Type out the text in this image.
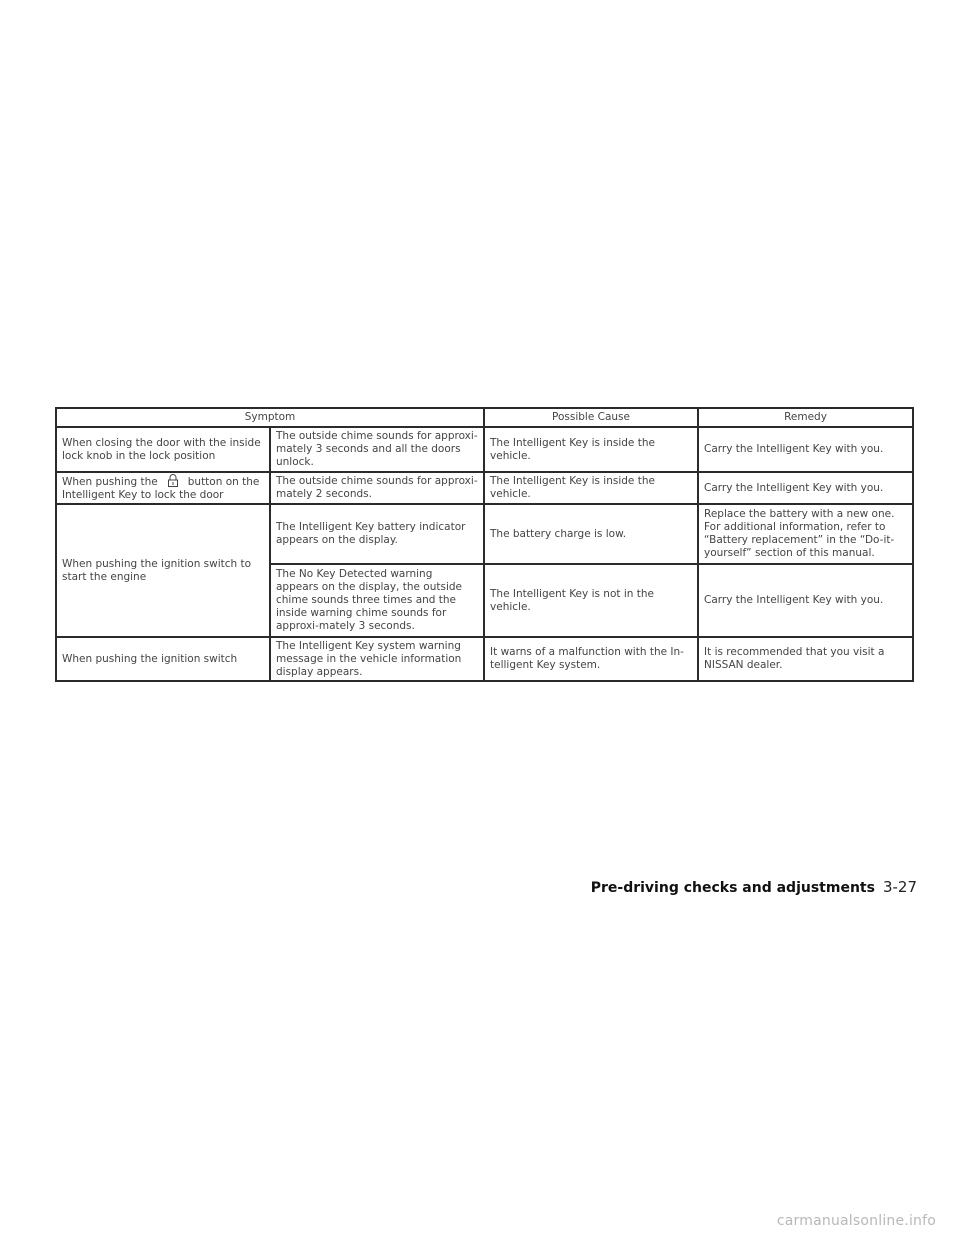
Symptom		Possible Cause	Remedy
When closing the door with the inside lock knob in the lock position	The outside chime sounds for approxi-mately 3 seconds and all the doors unlock.	The Intelligent Key is inside the vehicle.	Carry the Intelligent Key with you.
When pushing the button on the Intelligent Key to lock the door	The outside chime sounds for approxi-mately 2 seconds.	The Intelligent Key is inside the vehicle.	Carry the Intelligent Key with you.
When pushing the ignition switch to start the engine	The Intelligent Key battery indicator appears on the display.	The battery charge is low.	Replace the battery with a new one. For additional information, refer to “Battery replacement” in the “Do-it-yourself” section of this manual.
	The No Key Detected warning appears on the display, the outside chime sounds three times and the inside warning chime sounds for approxi-mately 3 seconds.	The Intelligent Key is not in the vehicle.	Carry the Intelligent Key with you.
When pushing the ignition switch	The Intelligent Key system warning message in the vehicle information display appears.	It warns of a malfunction with the In-telligent Key system.	It is recommended that you visit a NISSAN dealer.
Pre-driving checks and adjustments 3-27
carmanualsonline.info
